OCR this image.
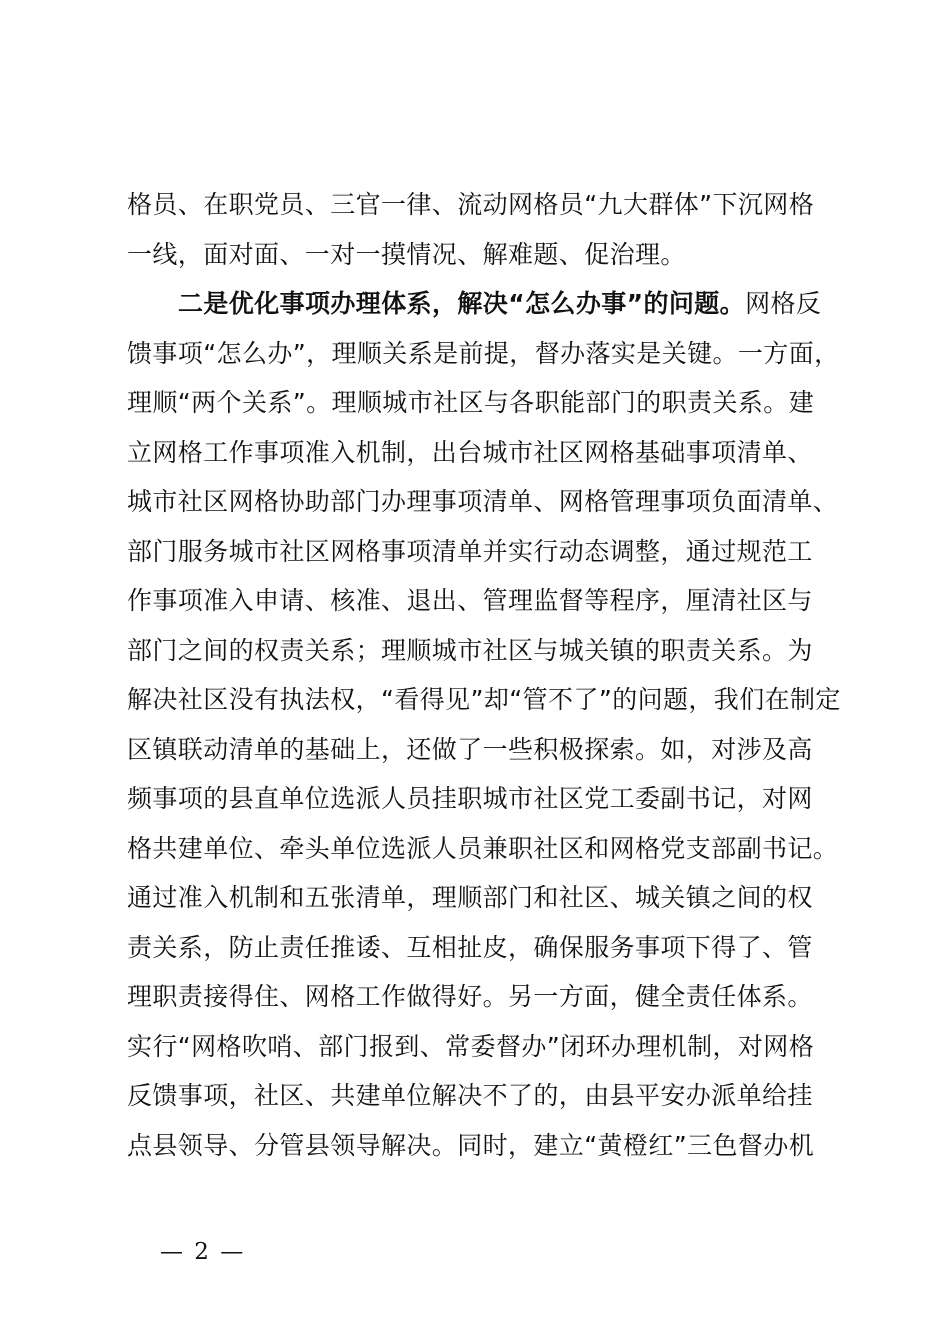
格员、在职党员、三官一律、流动网格员“九大群体”下沉网格
一线，面对面、一对一摸情况、解难题、促治理。
二是优化事项办理体系，解决“怎么办事”的问题。网格反
馈事项“怎么办”，理顺关系是前提，督办落实是关键。一方面，
理顺“两个关系”。理顺城市社区与各职能部门的职责关系。建
立网格工作事项准入机制，出台城市社区网格基础事项清单、
城市社区网格协助部门办理事项清单、网格管理事项负面清单、
部门服务城市社区网格事项清单并实行动态调整，通过规范工
作事项准入申请、核准、退出、管理监督等程序，厘清社区与
部门之间的权责关系；理顺城市社区与城关镇的职责关系。为
解决社区没有执法权，“看得见”却“管不了”的问题，我们在制定
区镇联动清单的基础上，还做了一些积极探索。如，对涉及高
频事项的县直单位选派人员挂职城市社区党工委副书记，对网
格共建单位、牵头单位选派人员兼职社区和网格党支部副书记。
通过准入机制和五张清单，理顺部门和社区、城关镇之间的权
责关系，防止责任推诿、互相扯皮，确保服务事项下得了、管
理职责接得住、网格工作做得好。另一方面，健全责任体系。
实行“网格吹哨、部门报到、常委督办”闭环办理机制，对网格
反馈事项，社区、共建单位解决不了的，由县平安办派单给挂
点县领导、分管县领导解决。同时，建立“黄橙红”三色督办机
— 2 —
